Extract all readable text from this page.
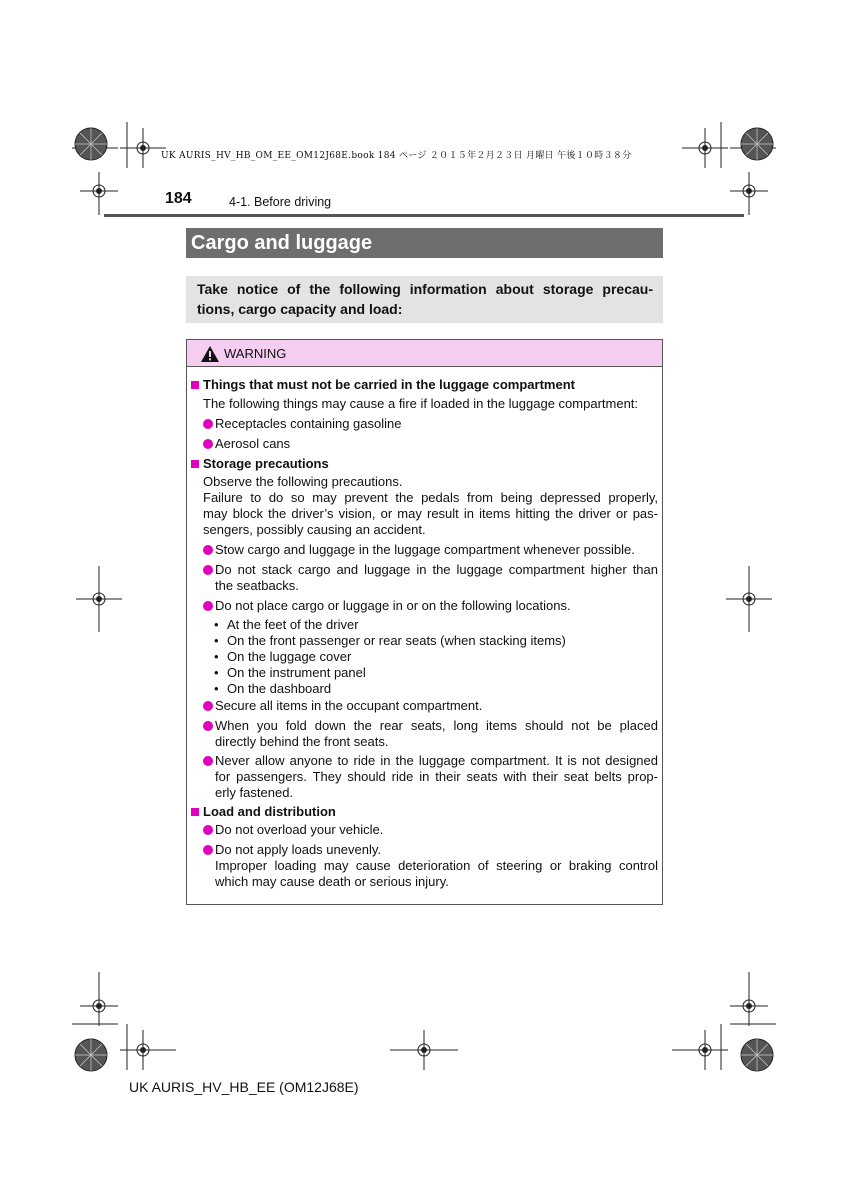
UK AURIS_HV_HB_OM_EE_OM12J68E.book 184 ページ ２０１５年２月２３日 月曜日 午後１０時３８分
184	4-1. Before driving
Cargo and luggage
Take notice of the following information about storage precau-
tions, cargo capacity and load:
WARNING
Things that must not be carried in the luggage compartment
The following things may cause a fire if loaded in the luggage compartment:
Receptacles containing gasoline
Aerosol cans
Storage precautions
Observe the following precautions.
Failure to do so may prevent the pedals from being depressed properly,
may block the driver’s vision, or may result in items hitting the driver or pas-
sengers, possibly causing an accident.
Stow cargo and luggage in the luggage compartment whenever possible.
Do not stack cargo and luggage in the luggage compartment higher than
the seatbacks.
Do not place cargo or luggage in or on the following locations.
• At the feet of the driver
• On the front passenger or rear seats (when stacking items)
• On the luggage cover
• On the instrument panel
• On the dashboard
Secure all items in the occupant compartment.
When you fold down the rear seats, long items should not be placed
directly behind the front seats.
Never allow anyone to ride in the luggage compartment. It is not designed
for passengers. They should ride in their seats with their seat belts prop-
erly fastened.
Load and distribution
Do not overload your vehicle.
Do not apply loads unevenly.
Improper loading may cause deterioration of steering or braking control
which may cause death or serious injury.
UK AURIS_HV_HB_EE (OM12J68E)
